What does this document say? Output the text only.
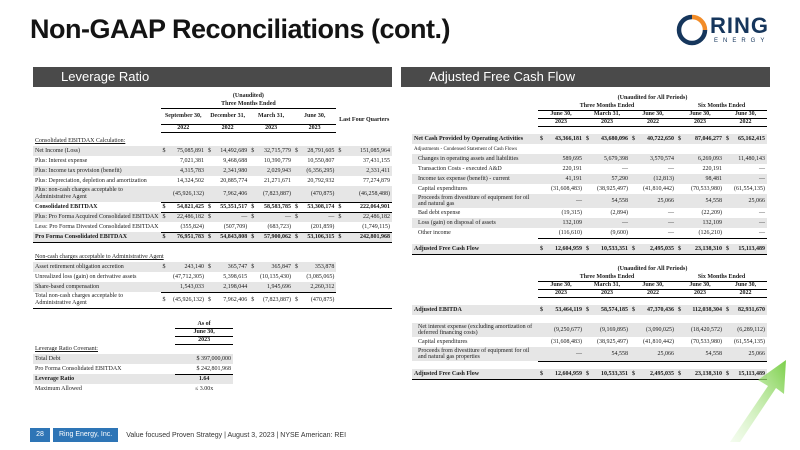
Non-GAAP Reconciliations (cont.)	RING
ENERGY
Leverage Ratio	Adjusted Free Cash Flow
	(Unaudited)									
	Three Months Ended									
	September 30,		December 31,		March 31,		June 30,		Last Four Quarters	
	2022		2022		2023		2023			

Consolidated EBITDAX Calculation:										
Net Income (Loss)	$	75,085,891	$	14,492,689	$	32,715,779	$	28,791,605	$	151,085,964
Plus: Interest expense		7,021,381		9,468,688		10,390,779		10,550,807		37,431,155
Plus: Income tax provision (benefit)		4,315,783		2,341,980		2,029,943		(6,356,295)		2,331,411
Plus: Depreciation, depletion and amortization		14,324,502		20,885,774		21,271,671		20,792,932		77,274,879
Plus: non-cash charges acceptable to Administrative Agent		(45,926,132)		7,962,406		(7,823,887)		(470,875)		(46,258,488)
Consolidated EBITDAX	$	54,821,425	$	55,351,517	$	58,583,785	$	53,308,174	$	222,064,901
Plus: Pro Forma Acquired Consolidated EBITDAX	$	22,486,182	$	—	$	—	$	—	$	22,486,182
Less: Pro Forma Divested Consolidated EBITDAX		(355,824)		(507,709)		(683,723)		(201,859)		(1,749,115)
Pro Forma Consolidated EBITDAX	$	76,951,783	$	54,843,808	$	57,900,062	$	53,106,315	$	242,801,968

Non-cash charges acceptable to Administrative Agent										
Asset retirement obligation accretion	$	243,140	$	365,747	$	365,847	$	353,878		
Unrealized loss (gain) on derivative assets		(47,712,305)		5,398,615		(10,135,430)		(3,085,065)		
Share-based compensation		1,543,033		2,198,044		1,945,696		2,260,312		
Total non-cash charges acceptable to Administrative Agent	$	(45,926,132)	$	7,962,406	$	(7,823,887)	$	(470,875)		
	As of
	June 30,
	2023
Leverage Ratio Covenant:	
Total Debt	$ 397,000,000
Pro Forma Consolidated EBITDAX	$ 242,801,968
Leverage Ratio	1.64
Maximum Allowed	≤ 3.00x
	(Unaudited for All Periods)									
	Three Months Ended						Six Months Ended			
	June 30,		March 31,		June 30,		June 30,		June 30,	
	2023		2023		2022		2023		2022	

Net Cash Provided by Operating Activities	$	43,366,181	$	43,680,096	$	40,722,650	$	87,046,277	$	65,162,415
Adjustments - Condensed Statement of Cash Flows										
Changes in operating assets and liabilities		589,695		5,679,398		3,570,574		6,269,093		11,480,143
Transaction Costs - executed A&D		220,191		—		—		220,191		—
Income tax expense (benefit) - current		41,191		57,290		(12,813)		98,481		—
Capital expenditures		(31,608,483)		(38,925,497)		(41,810,442)		(70,533,980)		(61,554,135)
Proceeds from divestiture of equipment for oil and natural gas		—		54,558		25,066		54,558		25,066
Bad debt expense		(19,315)		(2,894)		—		(22,209)		—
Loss (gain) on disposal of assets		132,109		—		—		132,109		—
Other income		(116,610)		(9,600)		—		(126,210)		—

Adjusted Free Cash Flow	$	12,604,959	$	10,533,351	$	2,495,035	$	23,138,310	$	15,113,489
	(Unaudited for All Periods)									
	Three Months Ended						Six Months Ended			
	June 30,		March 31,		June 30,		June 30,		June 30,	
	2023		2023		2022		2023		2022	

Adjusted EBITDA	$	53,464,119	$	58,574,185	$	47,370,436	$	112,038,304	$	82,931,670

Net interest expense (excluding amortization of deferred financing costs)		(9,250,677)		(9,169,895)		(3,090,025)		(18,420,572)		(6,289,112)
Capital expenditures		(31,608,483)		(38,925,497)		(41,810,442)		(70,533,980)		(61,554,135)
Proceeds from divestiture of equipment for oil and natural gas properties		—		54,558		25,066		54,558		25,066

Adjusted Free Cash Flow	$	12,604,959	$	10,533,351	$	2,495,035	$	23,138,310	$	15,113,489
28	Ring Energy, Inc.	Value focused Proven Strategy | August 3, 2023 | NYSE American: REI
